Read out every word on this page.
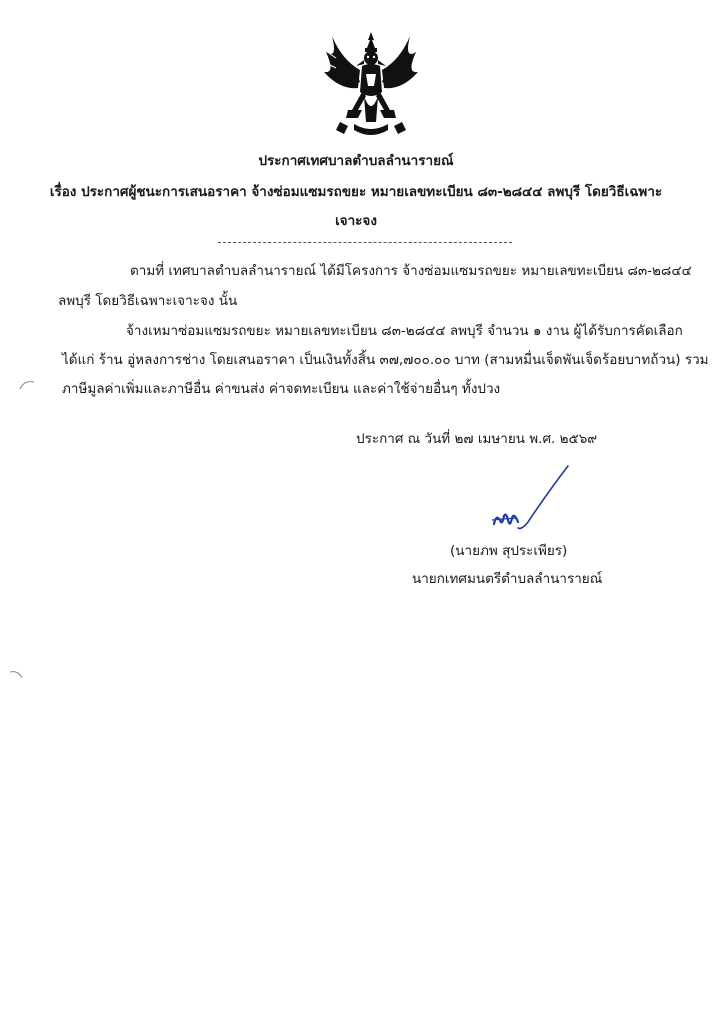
ประกาศเทศบาลตำบลลำนารายณ์
เรื่อง ประกาศผู้ชนะการเสนอราคา จ้างซ่อมแซมรถขยะ หมายเลขทะเบียน ๘๓-๒๘๔๔ ลพบุรี โดยวิธีเฉพาะ
เจาะจง
ตามที่ เทศบาลตำบลลำนารายณ์ ได้มีโครงการ จ้างซ่อมแซมรถขยะ หมายเลขทะเบียน ๘๓-๒๘๔๔
ลพบุรี โดยวิธีเฉพาะเจาะจง นั้น
จ้างเหมาซ่อมแซมรถขยะ หมายเลขทะเบียน ๘๓-๒๘๔๔ ลพบุรี จำนวน ๑ งาน ผู้ได้รับการคัดเลือก
ได้แก่ ร้าน อู่หลงการช่าง โดยเสนอราคา เป็นเงินทั้งสิ้น ๓๗,๗๐๐.๐๐ บาท (สามหมื่นเจ็ดพันเจ็ดร้อยบาทถ้วน) รวม
ภาษีมูลค่าเพิ่มและภาษีอื่น ค่าขนส่ง ค่าจดทะเบียน และค่าใช้จ่ายอื่นๆ ทั้งปวง
ประกาศ ณ วันที่ ๒๗ เมษายน พ.ศ. ๒๕๖๙
(นายภพ สุประเพียร)
นายกเทศมนตรีตำบลลำนารายณ์
